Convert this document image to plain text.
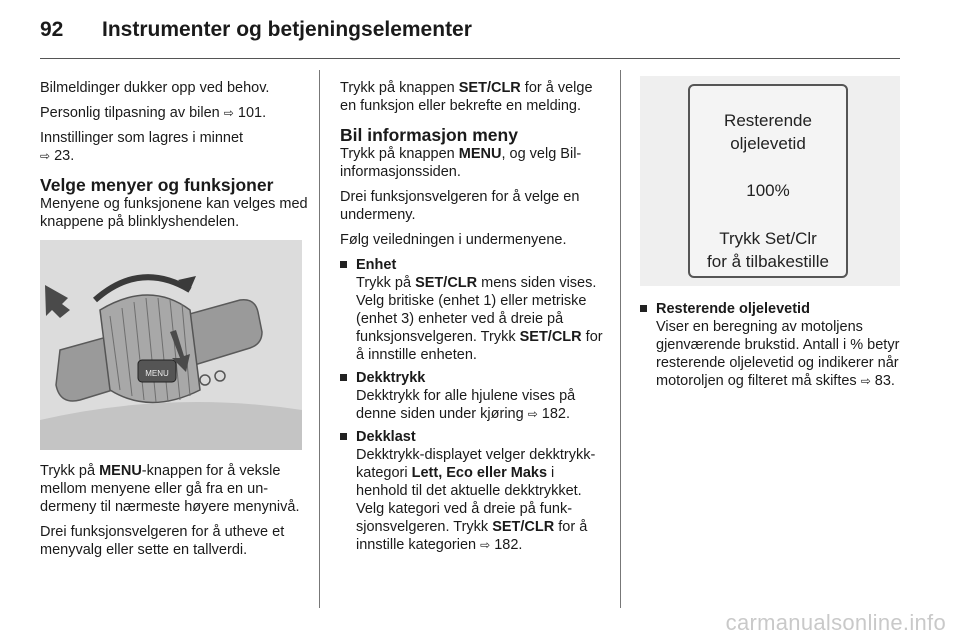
92 Instrumenter og betjeningselementer

Bilmeldinger dukker opp ved behov.

Personlig tilpasning av bilen ⇨ 101.

Innstillinger som lagres i minnet
⇨ 23.

Velge menyer og funksjoner

Menyene og funksjonene kan velges med knappene på blinklyshendelen.

MENU

Trykk på MENU-knappen for å veksle mellom menyene eller gå fra en undermeny til nærmeste høyere menynivå.

Drei funksjonsvelgeren for å utheve et menyvalg eller sette en tallverdi.

Trykk på knappen SET/CLR for å velge en funksjon eller bekrefte en melding.

Bil informasjon meny

Trykk på knappen MENU, og velg Bilinformasjonssiden.

Drei funksjonsvelgeren for å velge en undermeny.

Følg veiledningen i undermenyene.

Enhet
Trykk på SET/CLR mens siden vises. Velg britiske (enhet 1) eller metriske (enhet 3) enheter ved å dreie på funksjonsvelgeren. Trykk SET/CLR for å innstille enheten.
Dekktrykk
Dekktrykk for alle hjulene vises på denne siden under kjøring ⇨ 182.
Dekklast
Dekktrykk-displayet velger dekktrykk-kategori Lett, Eco eller Maks i henhold til det aktuelle dekktrykket. Velg kategori ved å dreie på funksjonsvelgeren. Trykk SET/CLR for å innstille kategorien ⇨ 182.
Resterende
oljelevetid
100%
Trykk Set/Clr
for å tilbakestille
Resterende oljelevetid
Viser en beregning av motoljens gjenværende brukstid. Antall i % betyr resterende oljelevetid og indikerer når motoroljen og filteret må skiftes ⇨ 83.
carmanualsonline.info
